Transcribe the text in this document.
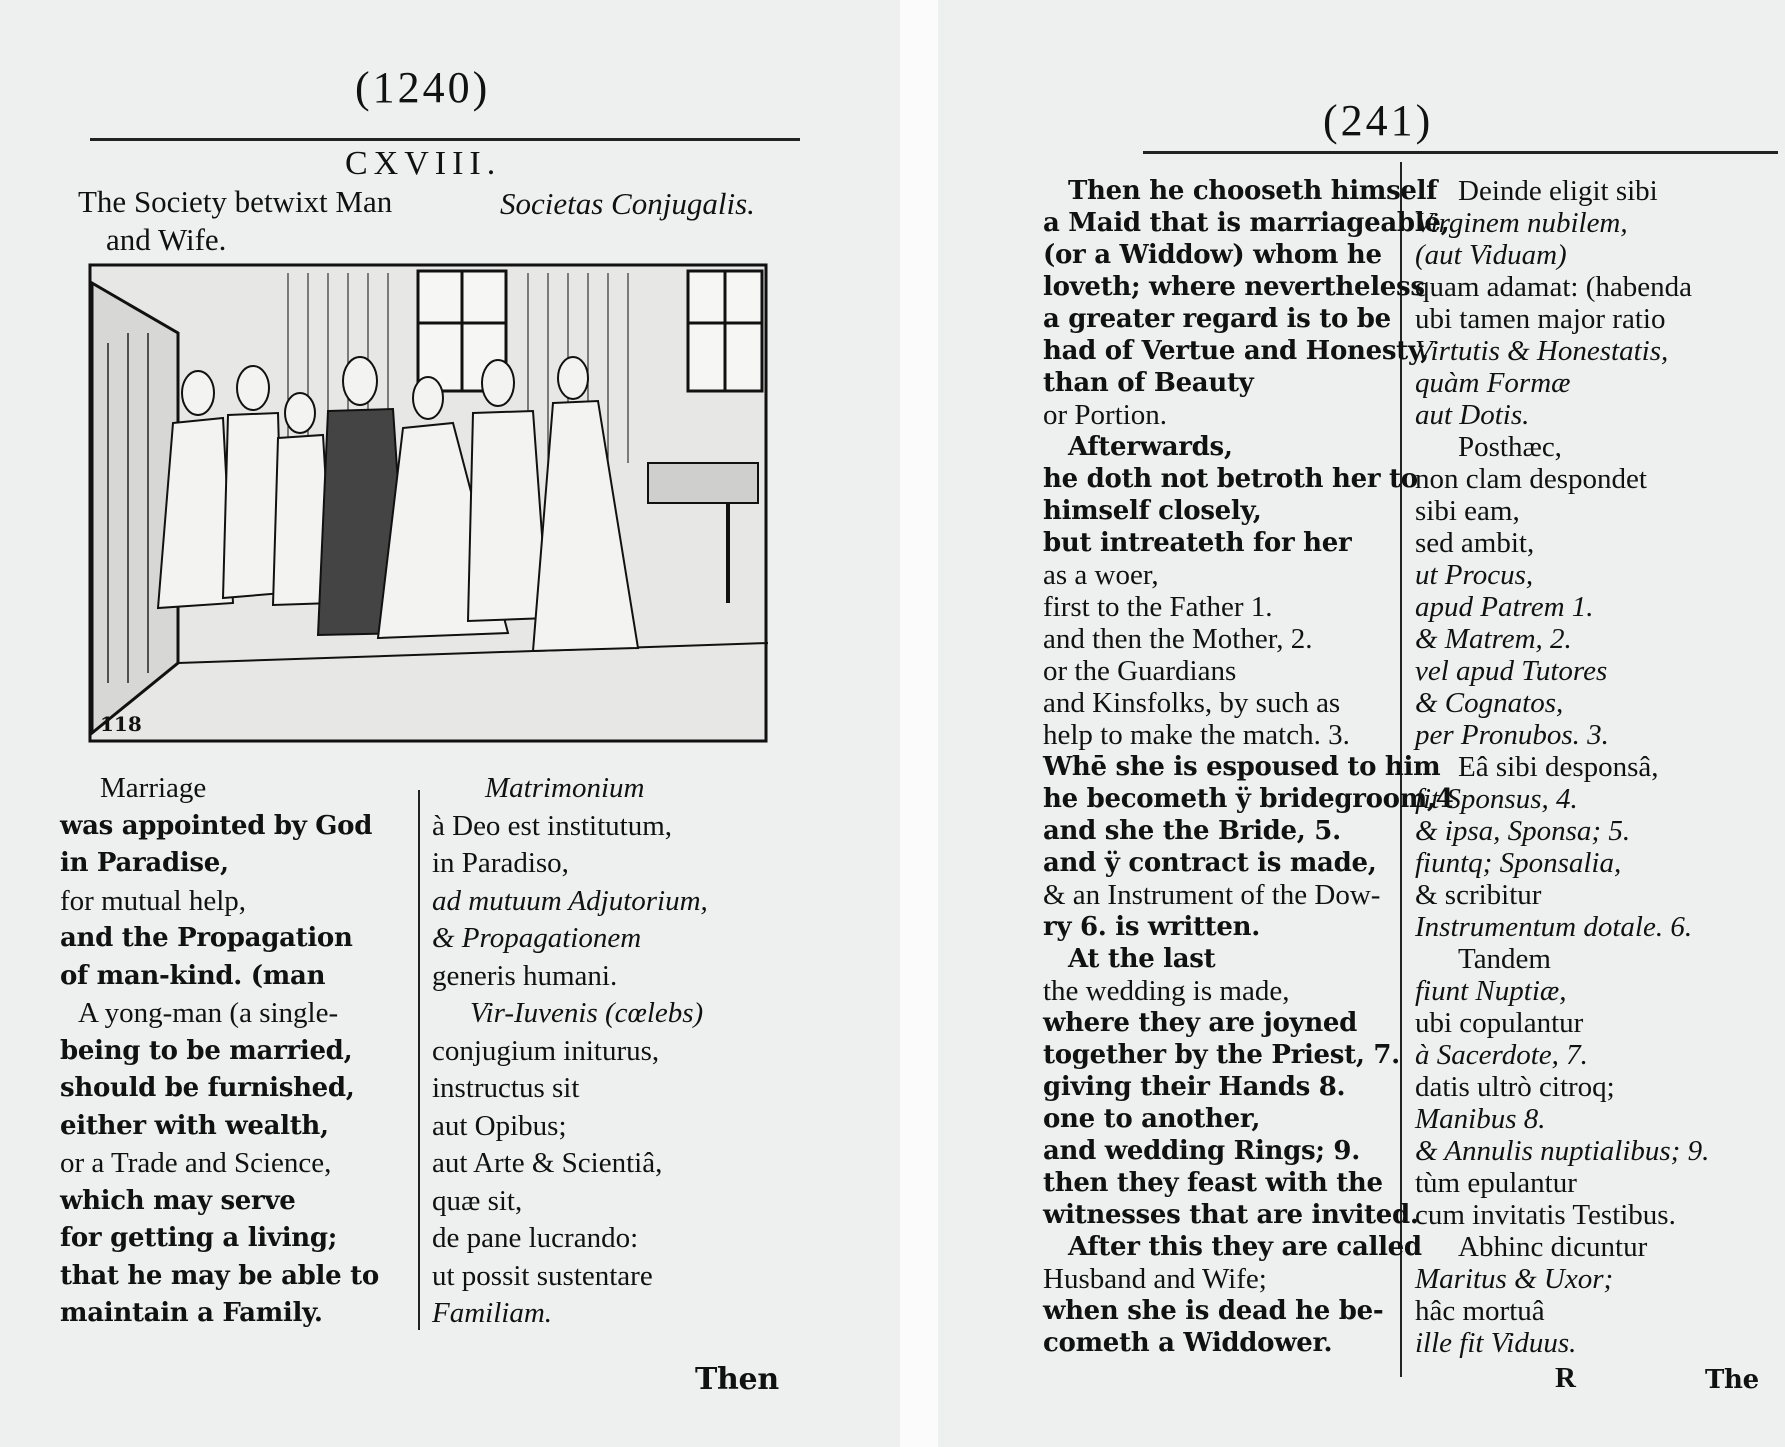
(1240)
CXVIII.
The Society betwixt Man
and Wife.
Societas Conjugalis.
118
Marriage
was appointed by God
in Paradise,
for mutual help,
and the Propagation
of man-kind. (man
A yong-man (a single-
being to be married,
should be furnished,
either with wealth,
or a Trade and Science,
which may serve
for getting a living;
that he may be able to
maintain a Family.
Matrimonium
à Deo est institutum,
in Paradiso,
ad mutuum Adjutorium,
& Propagationem
generis humani.
Vir-Iuvenis (cœlebs)
conjugium initurus,
instructus sit
aut Opibus;
aut Arte & Scientiâ,
quæ sit,
de pane lucrando:
ut possit sustentare
Familiam.
Then
(241)
Then he chooseth himself
a Maid that is marriageable,
(or a Widdow) whom he
loveth; where nevertheless
a greater regard is to be
had of Vertue and Honesty,
than of Beauty
or Portion.
Afterwards,
he doth not betroth her to
himself closely,
but intreateth for her
as a woer,
first to the Father 1.
and then the Mother, 2.
or the Guardians
and Kinsfolks, by such as
help to make the match. 3.
Whē she is espoused to him
he becometh ÿ bridegroom,4
and she the Bride, 5.
and ÿ contract is made,
& an Instrument of the Dow-
ry 6. is written.
At the last
the wedding is made,
where they are joyned
together by the Priest, 7.
giving their Hands 8.
one to another,
and wedding Rings; 9.
then they feast with the
witnesses that are invited.
After this they are called
Husband and Wife;
when she is dead he be-
cometh a Widdower.
Deinde eligit sibi
Virginem nubilem,
(aut Viduam)
quam adamat: (habenda
ubi tamen major ratio
Virtutis & Honestatis,
quàm Formæ
aut Dotis.
Posthæc,
non clam despondet
sibi eam,
sed ambit,
ut Procus,
apud Patrem 1.
& Matrem, 2.
vel apud Tutores
& Cognatos,
per Pronubos. 3.
Eâ sibi desponsâ,
fit Sponsus, 4.
& ipsa, Sponsa; 5.
fiuntq; Sponsalia,
& scribitur
Instrumentum dotale. 6.
Tandem
fiunt Nuptiæ,
ubi copulantur
à Sacerdote, 7.
datis ultrò citroq;
Manibus 8.
& Annulis nuptialibus; 9.
tùm epulantur
cum invitatis Testibus.
Abhinc dicuntur
Maritus & Uxor;
hâc mortuâ
ille fit Viduus.
R	The
